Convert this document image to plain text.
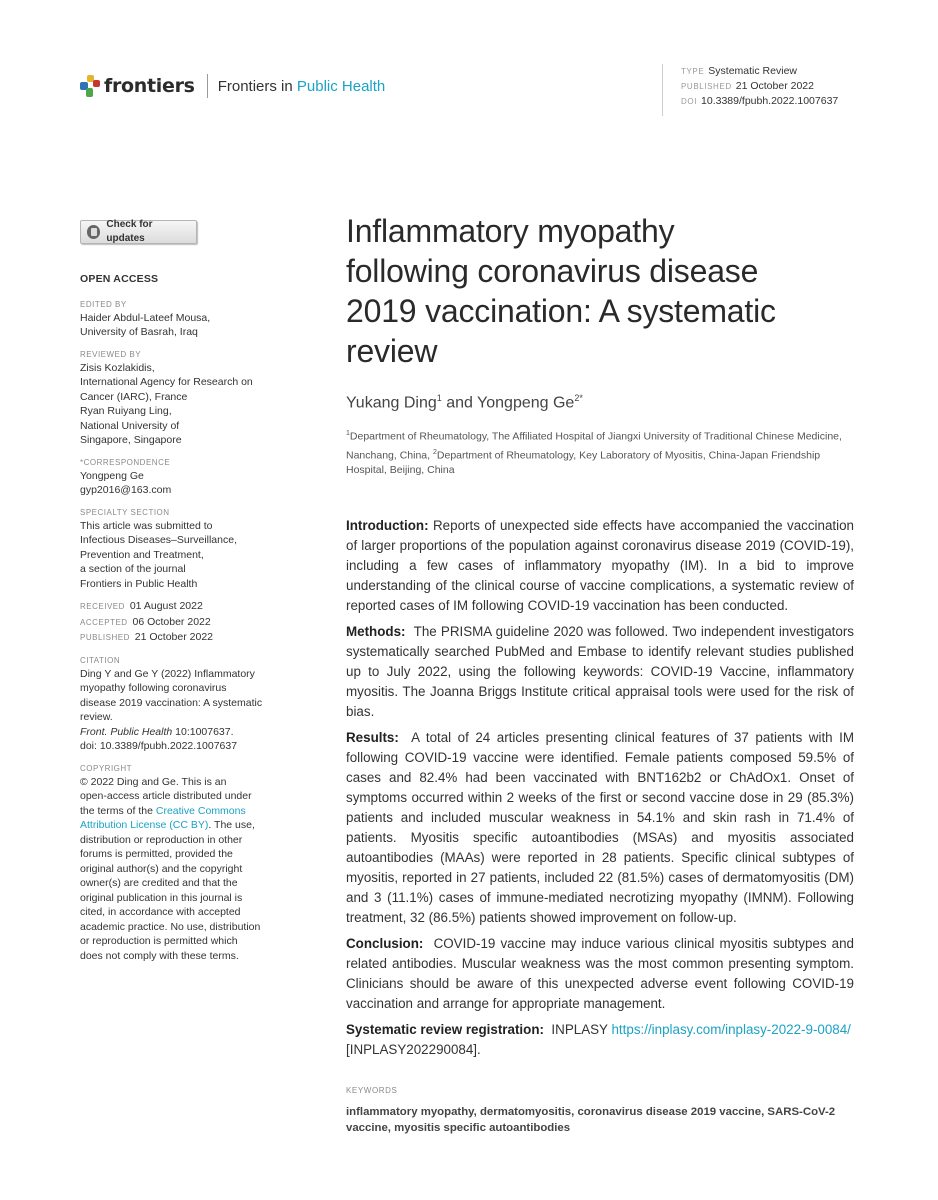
frontiers Frontiers in Public Health
TYPE Systematic Review
PUBLISHED 21 October 2022
DOI 10.3389/fpubh.2022.1007637
Check for updates
OPEN ACCESS
EDITED BY
Haider Abdul-Lateef Mousa,
University of Basrah, Iraq
REVIEWED BY
Zisis Kozlakidis,
International Agency for Research on
Cancer (IARC), France
Ryan Ruiyang Ling,
National University of
Singapore, Singapore
*CORRESPONDENCE
Yongpeng Ge
gyp2016@163.com
SPECIALTY SECTION
This article was submitted to
Infectious Diseases–Surveillance,
Prevention and Treatment,
a section of the journal
Frontiers in Public Health
RECEIVED 01 August 2022
ACCEPTED 06 October 2022
PUBLISHED 21 October 2022
CITATION
Ding Y and Ge Y (2022) Inflammatory
myopathy following coronavirus
disease 2019 vaccination: A systematic
review.
Front. Public Health 10:1007637.
doi: 10.3389/fpubh.2022.1007637
COPYRIGHT
© 2022 Ding and Ge. This is an
open-access article distributed under
the terms of the Creative Commons
Attribution License (CC BY). The use,
distribution or reproduction in other
forums is permitted, provided the
original author(s) and the copyright
owner(s) are credited and that the
original publication in this journal is
cited, in accordance with accepted
academic practice. No use, distribution
or reproduction is permitted which
does not comply with these terms.
Inflammatory myopathy
following coronavirus disease
2019 vaccination: A systematic
review
Yukang Ding$^1$ and Yongpeng $Ge^{2*}$
$^1$Department of Rheumatology, The Affiliated Hospital of Jiangxi University of Traditional Chinese Medicine, Nanchang, China, $^2$Department of Rheumatology, Key Laboratory of Myositis, China-Japan Friendship Hospital, Beijing, China

Introduction: Reports of unexpected side effects have accompanied the vaccination of larger proportions of the population against coronavirus disease 2019 (COVID-19), including a few cases of inflammatory myopathy (IM). In a bid to improve understanding of the clinical course of vaccine complications, a systematic review of reported cases of IM following COVID-19 vaccination has been conducted.

Methods: The PRISMA guideline 2020 was followed. Two independent investigators systematically searched PubMed and Embase to identify relevant studies published up to July 2022, using the following keywords: COVID-19 Vaccine, inflammatory myositis. The Joanna Briggs Institute critical appraisal tools were used for the risk of bias.

Results: A total of 24 articles presenting clinical features of 37 patients with IM following COVID-19 vaccine were identified. Female patients composed 59.5% of cases and 82.4% had been vaccinated with BNT162b2 or ChAdOx1. Onset of symptoms occurred within 2 weeks of the first or second vaccine dose in 29 (85.3%) patients and included muscular weakness in 54.1% and skin rash in 71.4% of patients. Myositis specific autoantibodies (MSAs) and myositis associated autoantibodies (MAAs) were reported in 28 patients. Specific clinical subtypes of myositis, reported in 27 patients, included 22 (81.5%) cases of dermatomyositis (DM) and 3 (11.1%) cases of immune-mediated necrotizing myopathy (IMNM). Following treatment, 32 (86.5%) patients showed improvement on follow-up.

Conclusion: COVID-19 vaccine may induce various clinical myositis subtypes and related antibodies. Muscular weakness was the most common presenting symptom. Clinicians should be aware of this unexpected adverse event following COVID-19 vaccination and arrange for appropriate management.

Systematic review registration: INPLASY https://inplasy.com/inplasy-2022-9-0084/ [INPLASY202290084].

KEYWORDS
inflammatory myopathy, dermatomyositis, coronavirus disease 2019 vaccine, SARS-CoV-2 vaccine, myositis specific autoantibodies
